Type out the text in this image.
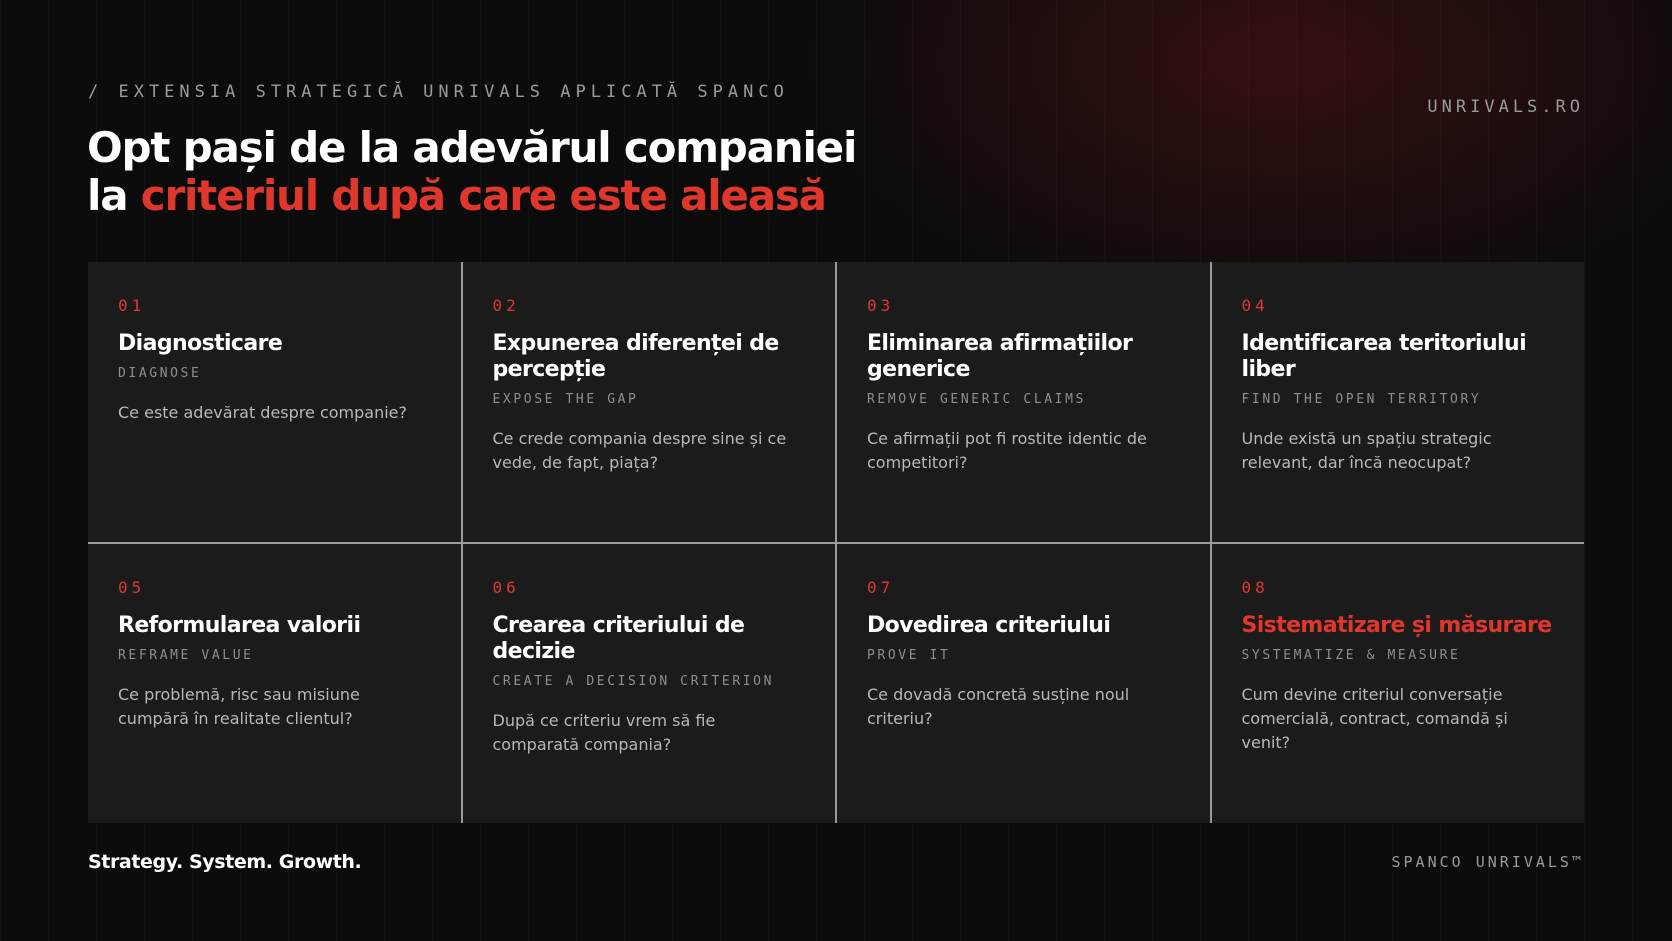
/ EXTENSIA STRATEGICĂ UNRIVALS APLICATĂ SPANCO
UNRIVALS.RO
Opt pași de la adevărul companiei
la criteriul după care este aleasă
01
Diagnosticare
DIAGNOSE
Ce este adevărat despre companie?
02
Expunerea diferenței de percepție
EXPOSE THE GAP
Ce crede compania despre sine și ce vede, de fapt, piața?
03
Eliminarea afirmațiilor generice
REMOVE GENERIC CLAIMS
Ce afirmații pot fi rostite identic de competitori?
04
Identificarea teritoriului liber
FIND THE OPEN TERRITORY
Unde există un spațiu strategic relevant, dar încă neocupat?
05
Reformularea valorii
REFRAME VALUE
Ce problemă, risc sau misiune cumpără în realitate clientul?
06
Crearea criteriului de decizie
CREATE A DECISION CRITERION
După ce criteriu vrem să fie comparată compania?
07
Dovedirea criteriului
PROVE IT
Ce dovadă concretă susține noul criteriu?
08
Sistematizare și măsurare
SYSTEMATIZE & MEASURE
Cum devine criteriul conversație comercială, contract, comandă și venit?
Strategy. System. Growth.	SPANCO UNRIVALS™
